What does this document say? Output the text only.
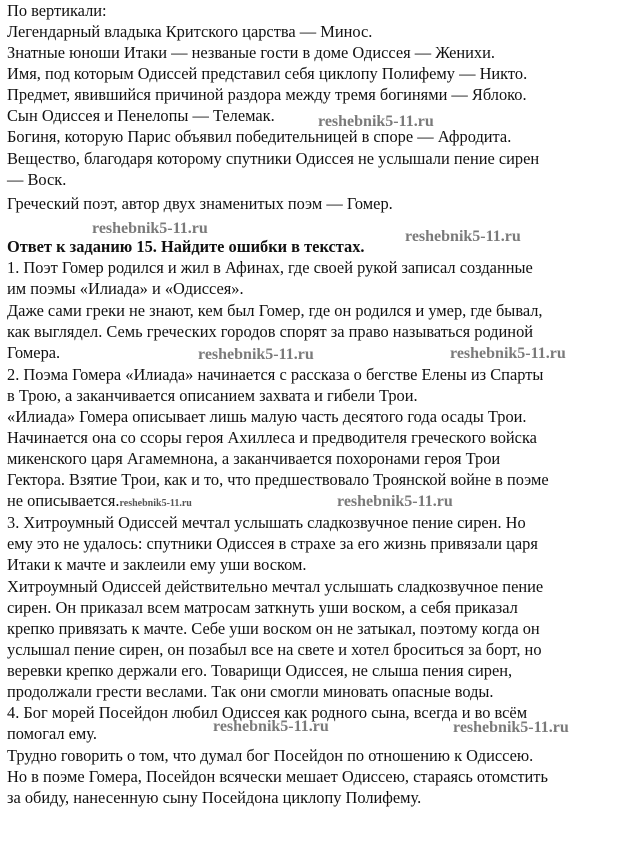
По вертикали:
Легендарный владыка Критского царства — Минос.
Знатные юноши Итаки — незваные гости в доме Одиссея — Женихи.
Имя, под которым Одиссей представил себя циклопу Полифему — Никто.
Предмет, явившийся причиной раздора между тремя богинями — Яблоко.
Сын Одиссея и Пенелопы — Телемак.
Богиня, которую Парис объявил победительницей в споре — Афродита.
Вещество, благодаря которому спутники Одиссея не услышали пение сирен
— Воск.
Греческий поэт, автор двух знаменитых поэм — Гомер.
Ответ к заданию 15. Найдите ошибки в текстах.
1. Поэт Гомер родился и жил в Афинах, где своей рукой записал созданные
им поэмы «Илиада» и «Одиссея».
Даже сами греки не знают, кем был Гомер, где он родился и умер, где бывал,
как выглядел. Семь греческих городов спорят за право называться родиной
Гомера.
2. Поэма Гомера «Илиада» начинается с рассказа о бегстве Елены из Спарты
в Трою, а заканчивается описанием захвата и гибели Трои.
«Илиада» Гомера описывает лишь малую часть десятого года осады Трои.
Начинается она со ссоры героя Ахиллеса и предводителя греческого войска
микенского царя Агамемнона, а заканчивается похоронами героя Трои
Гектора. Взятие Трои, как и то, что предшествовало Троянской войне в поэме
не описывается.reshebnik5-11.ru
3. Хитроумный Одиссей мечтал услышать сладкозвучное пение сирен. Но
ему это не удалось: спутники Одиссея в страхе за его жизнь привязали царя
Итаки к мачте и заклеили ему уши воском.
Хитроумный Одиссей действительно мечтал услышать сладкозвучное пение
сирен. Он приказал всем матросам заткнуть уши воском, а себя приказал
крепко привязать к мачте. Себе уши воском он не затыкал, поэтому когда он
услышал пение сирен, он позабыл все на свете и хотел броситься за борт, но
веревки крепко держали его. Товарищи Одиссея, не слыша пения сирен,
продолжали грести веслами. Так они смогли миновать опасные воды.
4. Бог морей Посейдон любил Одиссея как родного сына, всегда и во всём
помогал ему.
Трудно говорить о том, что думал бог Посейдон по отношению к Одиссею.
Но в поэме Гомера, Посейдон всячески мешает Одиссею, стараясь отомстить
за обиду, нанесенную сыну Посейдона циклопу Полифему.
reshebnik5-11.ru
reshebnik5-11.ru	reshebnik5-11.ru
reshebnik5-11.ru	reshebnik5-11.ru
reshebnik5-11.ru
reshebnik5-11.ru	reshebnik5-11.ru
